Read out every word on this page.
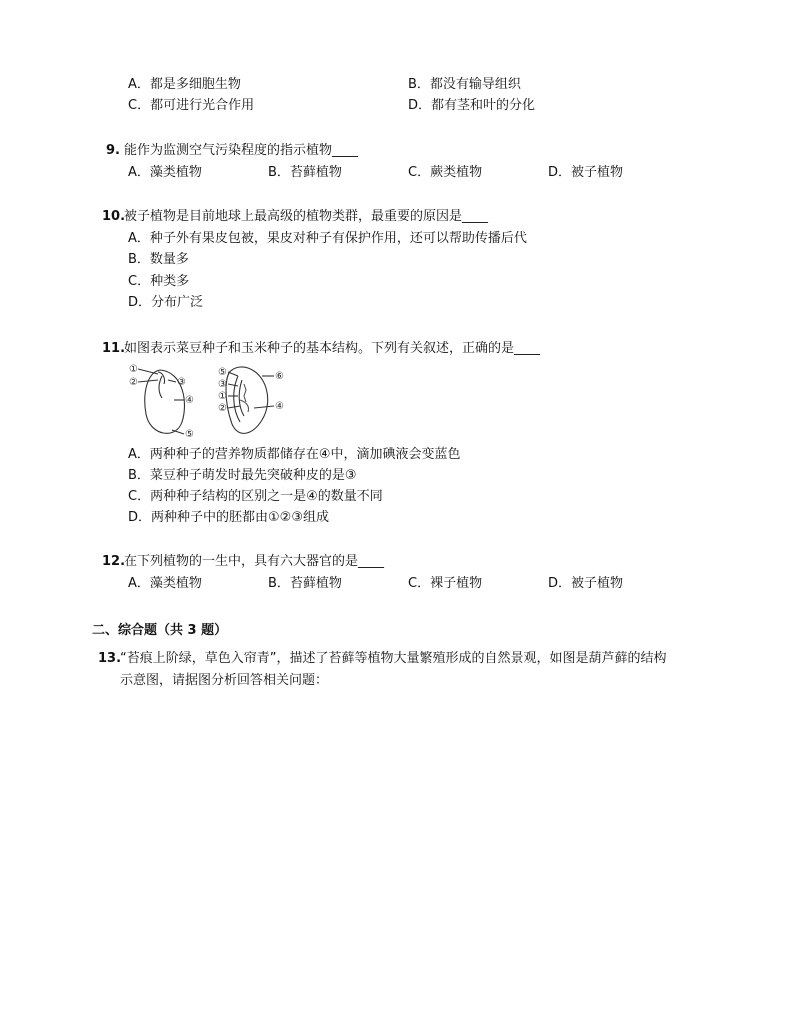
A．都是多细胞生物	B．都没有输导组织
C．都可进行光合作用	D．都有茎和叶的分化
9. 能作为监测空气污染程度的指示植物____
A．藻类植物	B．苔藓植物	C．蕨类植物	D．被子植物
10.
被子植物是目前地球上最高级的植物类群，最重要的原因是____
A．种子外有果皮包被，果皮对种子有保护作用，还可以帮助传播后代
B．数量多
C．种类多
D．分布广泛
11.
如图表示菜豆种子和玉米种子的基本结构。下列有关叙述，正确的是____
①
②	③
④
⑤
⑤
③
①
②
⑥
④
A．两种种子的营养物质都储存在④中，滴加碘液会变蓝色
B．菜豆种子萌发时最先突破种皮的是③
C．两种种子结构的区别之一是④的数量不同
D．两种种子中的胚都由①②③组成
12.
在下列植物的一生中，具有六大器官的是____
A．藻类植物	B．苔藓植物	C．裸子植物	D．被子植物
二、综合题（共 3 题）
13.
“苔痕上阶绿，草色入帘青”，描述了苔藓等植物大量繁殖形成的自然景观，如图是葫芦藓的结构
示意图，请据图分析回答相关问题：
